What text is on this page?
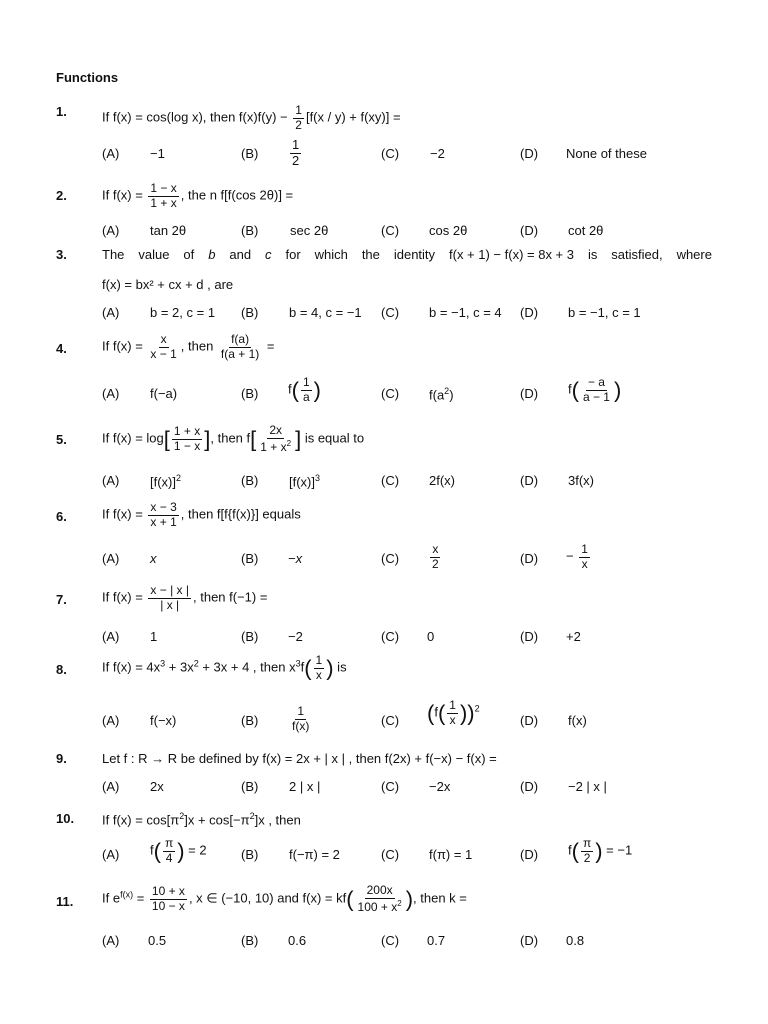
Functions
1.	If f(x) = cos(log x), then $f(x)f(y) - \frac{1}{2} [f(x / y) + f(xy)]$ =
(A) −1	$(B) \frac{1}{2}$	(C) −2	(D) None of these
2.	If $f(x) = \frac{1 - x}{1 + x}$ , the n f[f(cos 2θ)] =
(A) tan 2θ	(B) sec 2θ	(C) cos 2θ	(D) cot 2θ
3.	The value of b and c for which the identity f(x + 1) − f(x) = 8x + 3 is satisfied, where
f(x) = bx² + cx + d , are
(A) b = 2, c = 1 (B) b = 4, c = −1 (C) b = −1, c = 4 (D) b = −1, c = 1
4.	If $f(x) = \frac{x}{x - 1}$ , then $\frac{f(a)}{f(a + 1)}$ =
(A) f(−a)	(B) $f( \frac{1}{a}$ )	(C) $f(a^2)$	(D) $f( \frac{- a}{a - 1}$ )
5.	If $f(x) = \log[ \frac{1 + x}{1 - x}$ ], then $f[ \frac{2x}{1 + x^2}$ ] is equal to
(A) $[f(x)]^2$	(B) $[f(x)]^3$	(C) 2f(x)	(D) 3f(x)
6.	If $f(x) = \frac{x - 3}{x + 1}$ , then f[f{f(x)}] equals
(A) x	(B) −x	(C)	$\frac{x}{2}$	$(D) - \frac{1}{x}$
7.	If $f(x) = \frac{x - | x |}{| x |}$ , then f(−1) =
(A) 1	(B) −2	(C) 0	(D) +2
8.	If $f(x) = 4x^3 + 3x^2 + 3x + 4$ , then $x^3f( \frac{1}{x}$ ) is
(A) f(−x)	(B)	$\frac{1}{f(x)}$	(C) $(f( \frac{1}{x} ))^2$
(D) f(x)
9.	Let f : R → R be defined by f(x) = 2x + | x | , then f(2x) + f(−x) − f(x) =
(A) 2x	(B) 2 | x |	(C) −2x	(D) −2 | x |
10. If $f(x) = \cos[\pi^2]x + \cos[-\pi^2]x$ , then
(A) $f( \frac{\pi}{4}$ ) = 2	(B) f(−π) = 2	(C) f(π) = 1	(D) $f( \frac{\pi}{2}$ ) = −1
11. If $e^{f(x)} = \frac{10 + x}{10 - x}$ , x ∈ (−10, 10) and $f(x) = kf( \frac{200x}{100 + x^2}$ ), then k =
(A) 0.5	(B) 0.6	(C) 0.7	(D) 0.8
